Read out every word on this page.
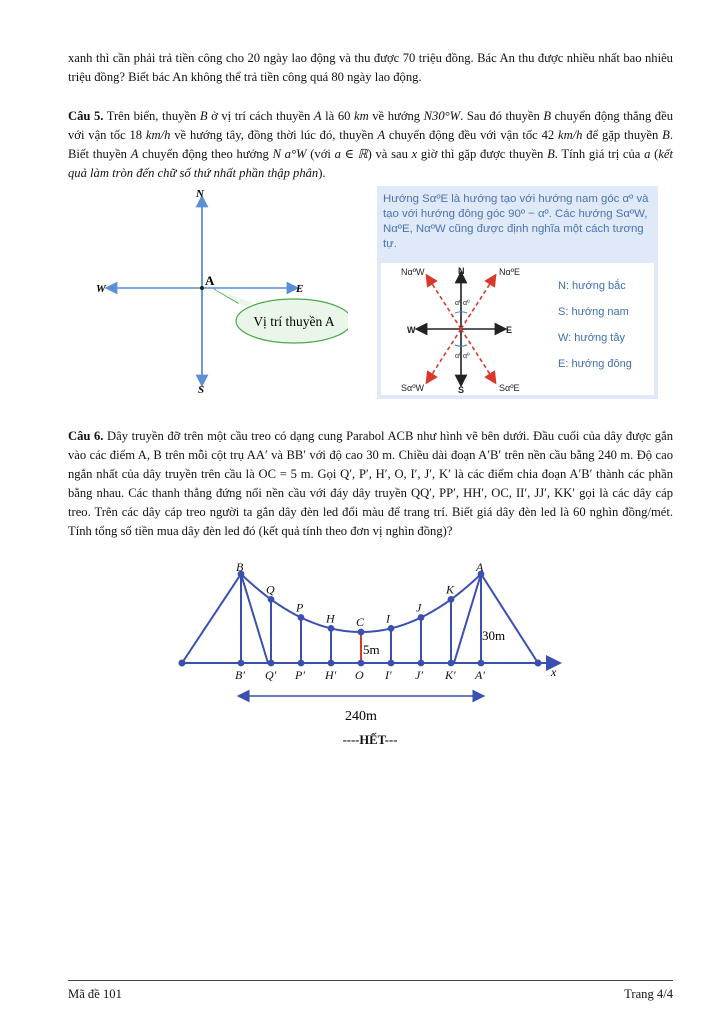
xanh thì cần phải trả tiền công cho 20 ngày lao động và thu được 70 triệu đồng. Bác An thu được nhiều nhất bao nhiêu triệu đồng? Biết bác An không thể trả tiền công quá 80 ngày lao động.

Câu 5. Trên biển, thuyền B ở vị trí cách thuyền A là 60 km về hướng N30°W. Sau đó thuyền B chuyển động thẳng đều với vận tốc 18 km/h về hướng tây, đồng thời lúc đó, thuyền A chuyển động đều với vận tốc 42 km/h để gặp thuyền B. Biết thuyền A chuyển động theo hướng N a°W (với a ∈ ℝ) và sau x giờ thì gặp được thuyền B. Tính giá trị của a (kết quả làm tròn đến chữ số thứ nhất phần thập phân).

Câu 6. Dây truyền đỡ trên một cầu treo có dạng cung Parabol ACB như hình vẽ bên dưới. Đầu cuối của dây được gắn vào các điểm A, B trên mỗi cột trụ AA′ và BB′ với độ cao 30 m. Chiều dài đoạn A′B′ trên nền cầu bằng 240 m. Độ cao ngắn nhất của dây truyền trên cầu là OC = 5 m. Gọi Q′, P′, H′, O, I′, J′, K′ là các điểm chia đoạn A′B′ thành các phần bằng nhau. Các thanh thẳng đứng nối nền cầu với đáy dây truyền QQ′, PP′, HH′, OC, II′, JJ′, KK′ gọi là các dây cáp treo. Trên các dây cáp treo người ta gắn dây đèn led đổi màu để trang trí. Biết giá dây đèn led là 60 nghìn đồng/mét. Tính tổng số tiền mua dây đèn led đó (kết quả tính theo đơn vị nghìn đồng)?

N
S
W	E
A
Vị trí thuyền A
Hướng SαºE là hướng tạo với hướng nam góc αº và tạo với hướng đông góc 90º − αº. Các hướng SαºW, NαºE, NαºW cũng được định nghĩa một cách tương tự.
αº αº
αº αº
NαºW	NαºE
SαºW	SαºE
N
S
W	E
N: hướng bắc
S: hướng nam
W: hướng tây
E: hướng đông
B
B′
Q
Q′
P
P′
H
H′
C
O
I
I′
J
J′
K
K′
A
A′	x
30m
5m
240m
----HẾT---
Mã đề 101	Trang 4/4
